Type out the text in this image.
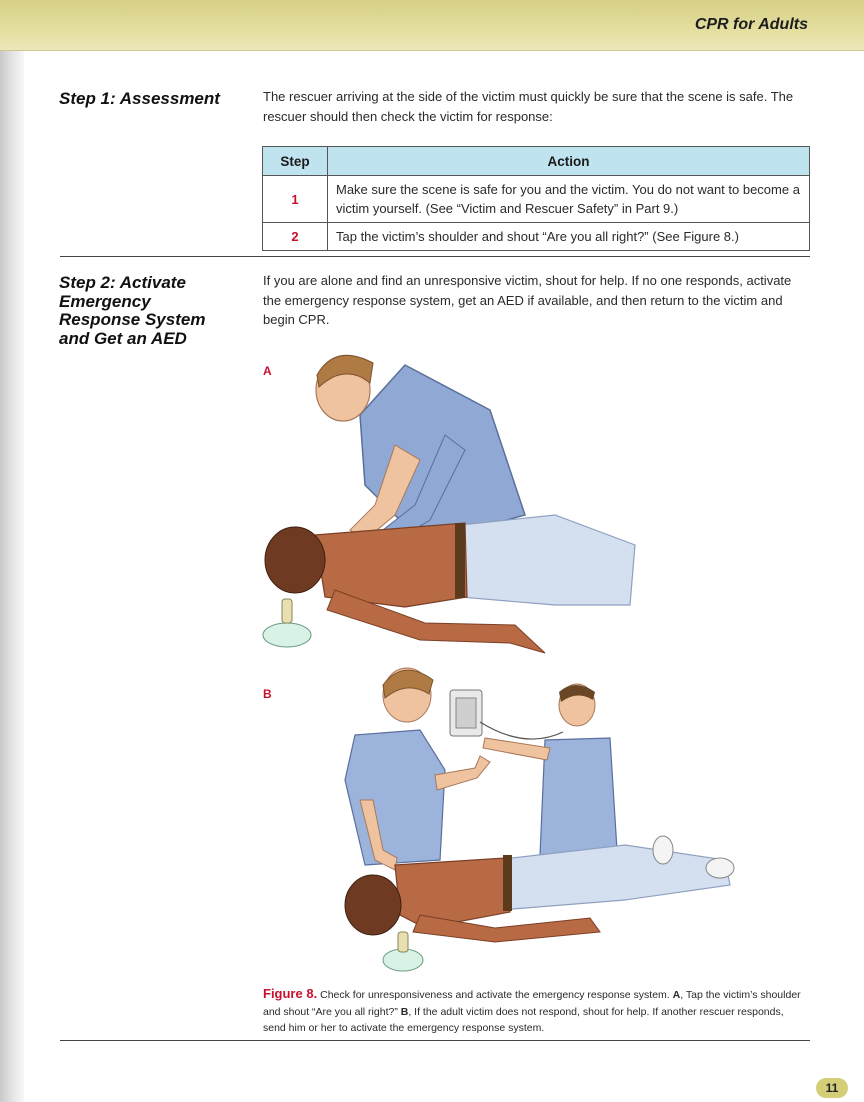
CPR for Adults
Step 1: Assessment	The rescuer arriving at the side of the victim must quickly be sure that the scene is safe. The rescuer should then check the victim for response:
Step	Action
1	Make sure the scene is safe for you and the victim. You do not want to become a victim yourself. (See “Victim and Rescuer Safety” in Part 9.)
2	Tap the victim’s shoulder and shout “Are you all right?” (See Figure 8.)
Step 2: Activate
Emergency
Response System
and Get an AED
If you are alone and find an unresponsive victim, shout for help. If no one responds, activate the emergency response system, get an AED if available, and then return to the victim and begin CPR.
A
B
Figure 8. Check for unresponsiveness and activate the emergency response system. A, Tap the victim’s shoulder and shout “Are you all right?” B, If the adult victim does not respond, shout for help. If another rescuer responds, send him or her to activate the emergency response system.
11
